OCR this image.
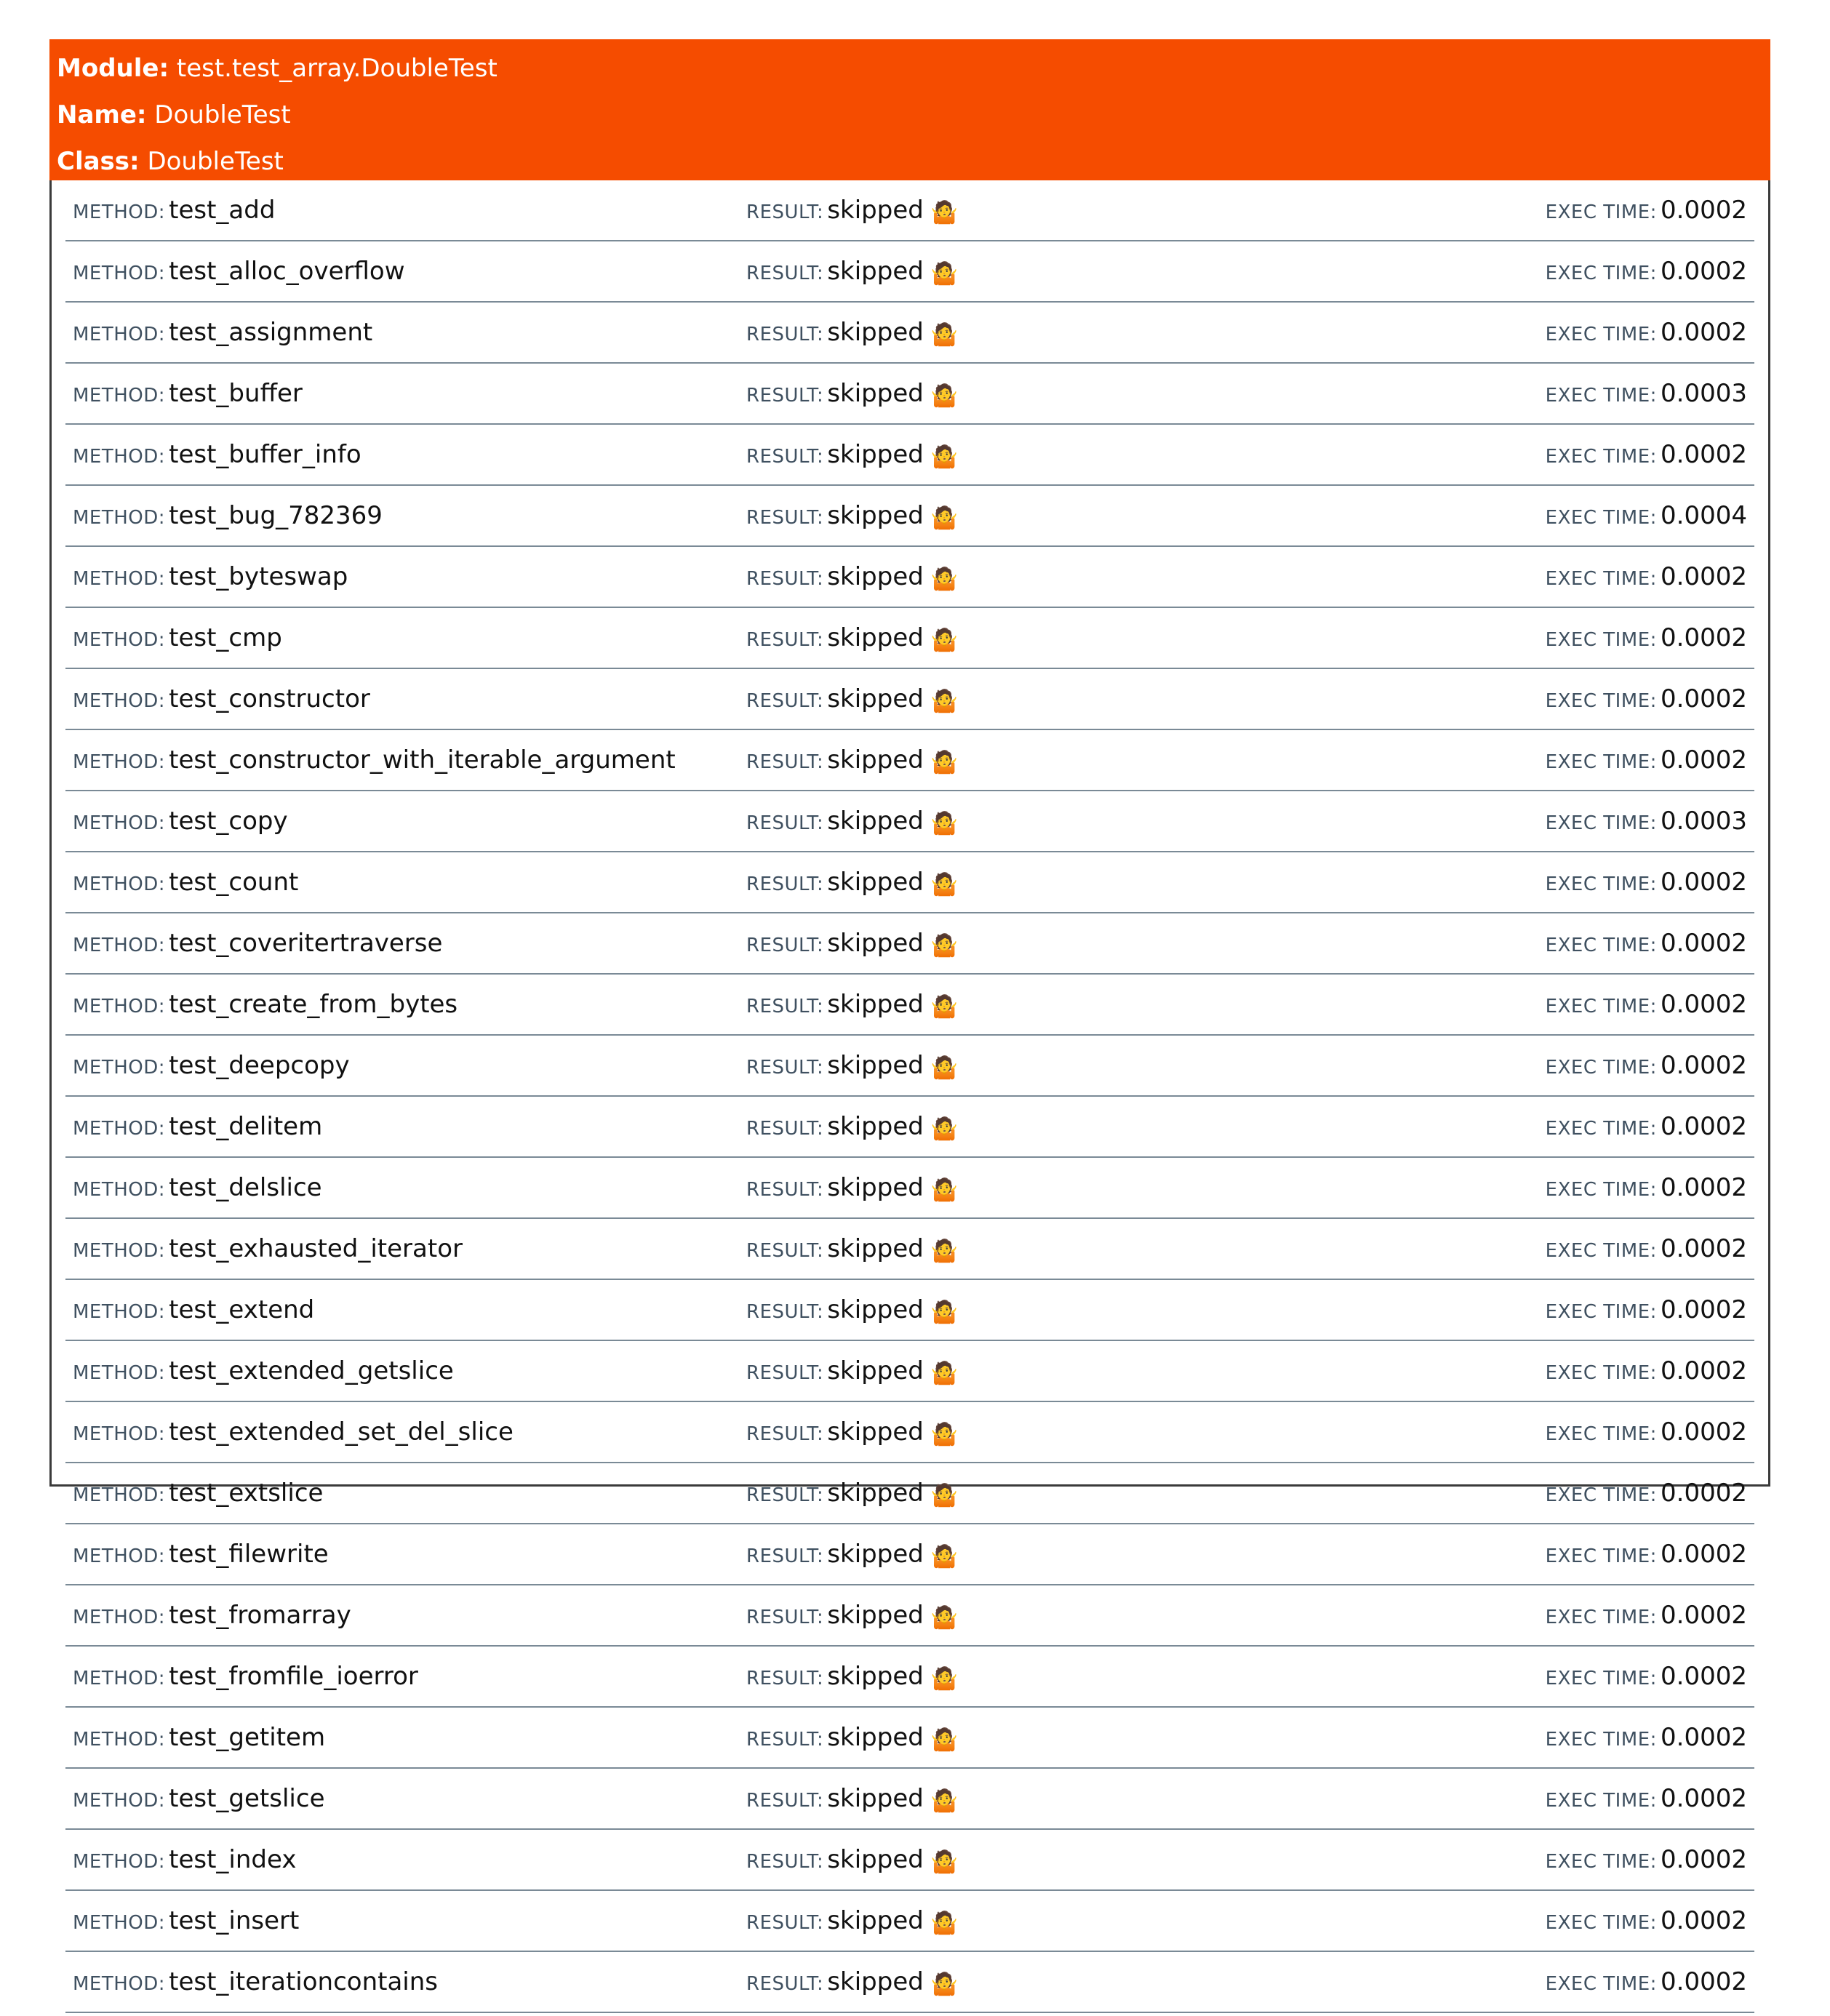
Module: test.test_array.DoubleTest
Name: DoubleTest
Class: DoubleTest
METHOD: test_add	RESULT: skipped 🤷	EXEC TIME: 0.0002
METHOD: test_alloc_overflow	RESULT: skipped 🤷	EXEC TIME: 0.0002
METHOD: test_assignment	RESULT: skipped 🤷	EXEC TIME: 0.0002
METHOD: test_buffer	RESULT: skipped 🤷	EXEC TIME: 0.0003
METHOD: test_buffer_info	RESULT: skipped 🤷	EXEC TIME: 0.0002
METHOD: test_bug_782369	RESULT: skipped 🤷	EXEC TIME: 0.0004
METHOD: test_byteswap	RESULT: skipped 🤷	EXEC TIME: 0.0002
METHOD: test_cmp	RESULT: skipped 🤷	EXEC TIME: 0.0002
METHOD: test_constructor	RESULT: skipped 🤷	EXEC TIME: 0.0002
METHOD: test_constructor_with_iterable_argument	RESULT: skipped 🤷	EXEC TIME: 0.0002
METHOD: test_copy	RESULT: skipped 🤷	EXEC TIME: 0.0003
METHOD: test_count	RESULT: skipped 🤷	EXEC TIME: 0.0002
METHOD: test_coveritertraverse	RESULT: skipped 🤷	EXEC TIME: 0.0002
METHOD: test_create_from_bytes	RESULT: skipped 🤷	EXEC TIME: 0.0002
METHOD: test_deepcopy	RESULT: skipped 🤷	EXEC TIME: 0.0002
METHOD: test_delitem	RESULT: skipped 🤷	EXEC TIME: 0.0002
METHOD: test_delslice	RESULT: skipped 🤷	EXEC TIME: 0.0002
METHOD: test_exhausted_iterator	RESULT: skipped 🤷	EXEC TIME: 0.0002
METHOD: test_extend	RESULT: skipped 🤷	EXEC TIME: 0.0002
METHOD: test_extended_getslice	RESULT: skipped 🤷	EXEC TIME: 0.0002
METHOD: test_extended_set_del_slice	RESULT: skipped 🤷	EXEC TIME: 0.0002
METHOD: test_extslice	RESULT: skipped 🤷	EXEC TIME: 0.0002
METHOD: test_filewrite	RESULT: skipped 🤷	EXEC TIME: 0.0002
METHOD: test_fromarray	RESULT: skipped 🤷	EXEC TIME: 0.0002
METHOD: test_fromfile_ioerror	RESULT: skipped 🤷	EXEC TIME: 0.0002
METHOD: test_getitem	RESULT: skipped 🤷	EXEC TIME: 0.0002
METHOD: test_getslice	RESULT: skipped 🤷	EXEC TIME: 0.0002
METHOD: test_index	RESULT: skipped 🤷	EXEC TIME: 0.0002
METHOD: test_insert	RESULT: skipped 🤷	EXEC TIME: 0.0002
METHOD: test_iterationcontains	RESULT: skipped 🤷	EXEC TIME: 0.0002
